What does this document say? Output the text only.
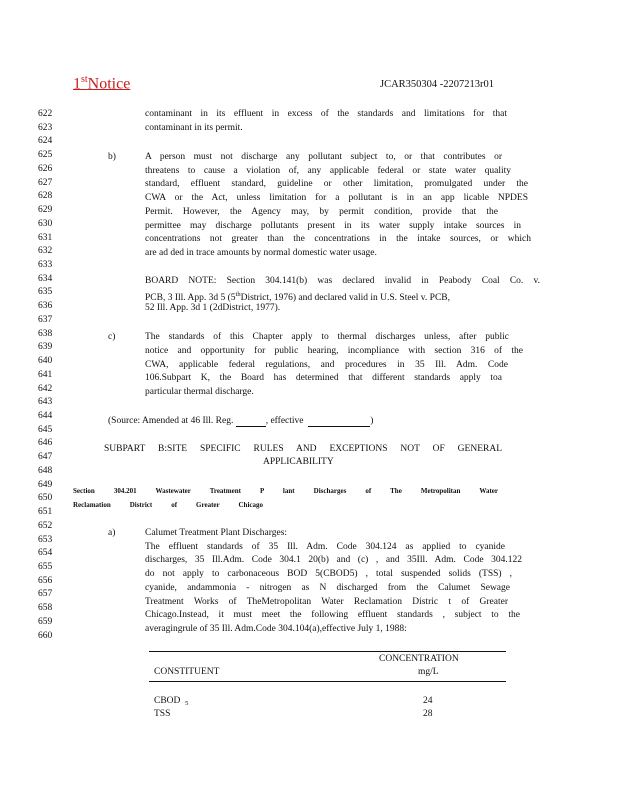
1stNotice	JCAR350304 -2207213r01
622
623
624
625
626
627
628
629
630
631
632
633
634
635
636
637
638
639
640
641
642
643
644
645
646
647
648
649
650
651
652
653
654
655
656
657
658
659
660
contaminant in its effluent in excess of the standards and limitations for that
contaminant in its permit.
b)	A person must not discharge any pollutant subject to, or that contributes or
threatens to cause a violation of, any applicable federal or state water quality
standard, effluent standard, guideline or other limitation, promulgated under the
CWA or the Act, unless limitation for a pollutant is in an app licable NPDES
Permit. However, the Agency may, by permit condition, provide that the
permittee may discharge pollutants present in its water supply intake sources in
concentrations not greater than the concentrations in the intake sources, or which
are ad ded in trace amounts by normal domestic water usage.
BOARD NOTE: Section 304.141(b) was declared invalid in Peabody Coal Co. v.
PCB, 3 Ill. App. 3d 5 (5thDistrict, 1976) and declared valid in U.S. Steel v. PCB,
52 Ill. App. 3d 1 (2dDistrict, 1977).
c)	The standards of this Chapter apply to thermal discharges unless, after public
notice and opportunity for public hearing, incompliance with section 316 of the
CWA, applicable federal regulations, and procedures in 35 Ill. Adm. Code
106.Subpart K, the Board has determined that different standards apply toa
particular thermal discharge.
(Source: Amended at 46 Ill. Reg.	, effective	)
SUBPART B:SITE SPECIFIC RULES AND EXCEPTIONS NOT OF GENERAL
APPLICABILITY
Section 304.201 Wastewater Treatment P lant Discharges of The Metropolitan Water
Reclamation District of Greater Chicago
a)	Calumet Treatment Plant Discharges:
The effluent standards of 35 Ill. Adm. Code 304.124 as applied to cyanide
discharges, 35 Ill.Adm. Code 304.1 20(b) and (c) , and 35Ill. Adm. Code 304.122
do not apply to carbonaceous BOD 5(CBOD5) , total suspended solids (TSS) ,
cyanide, andammonia - nitrogen as N discharged from the Calumet Sewage
Treatment Works of TheMetropolitan Water Reclamation Distric t of Greater
Chicago.Instead, it must meet the following effluent standards , subject to the
averagingrule of 35 Ill. Adm.Code 304.104(a),effective July 1, 1988:
CONCENTRATION
CONSTITUENT	mg/L
CBOD $_5$	24
TSS	28
